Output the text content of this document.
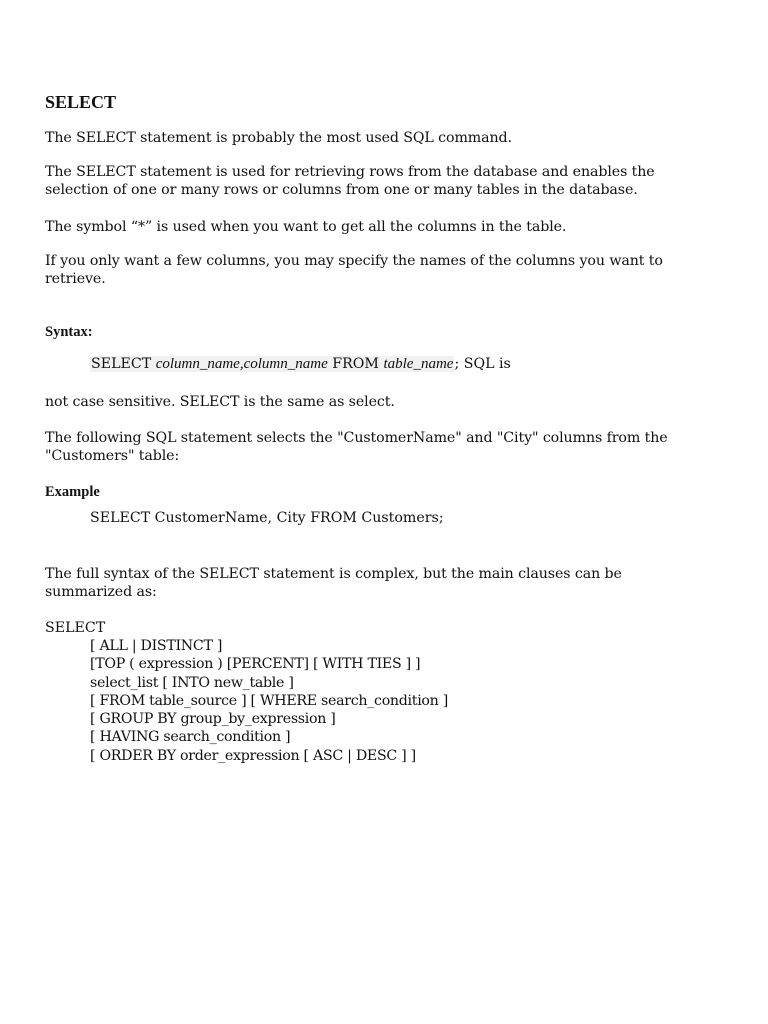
SELECT

The SELECT statement is probably the most used SQL command.

The SELECT statement is used for retrieving rows from the database and enables the
selection of one or many rows or columns from one or many tables in the database.

The symbol “*” is used when you want to get all the columns in the table.

If you only want a few columns, you may specify the names of the columns you want to
retrieve.

Syntax:
SELECT column_name,column_name FROM table_name; SQL is

not case sensitive. SELECT is the same as select.

The following SQL statement selects the "CustomerName" and "City" columns from the
"Customers" table:

Example
SELECT CustomerName, City FROM Customers;

The full syntax of the SELECT statement is complex, but the main clauses can be
summarized as:

SELECT
[ ALL | DISTINCT ]
[TOP ( expression ) [PERCENT] [ WITH TIES ] ]
select_list [ INTO new_table ]
[ FROM table_source ] [ WHERE search_condition ]
[ GROUP BY group_by_expression ]
[ HAVING search_condition ]
[ ORDER BY order_expression [ ASC | DESC ] ]
